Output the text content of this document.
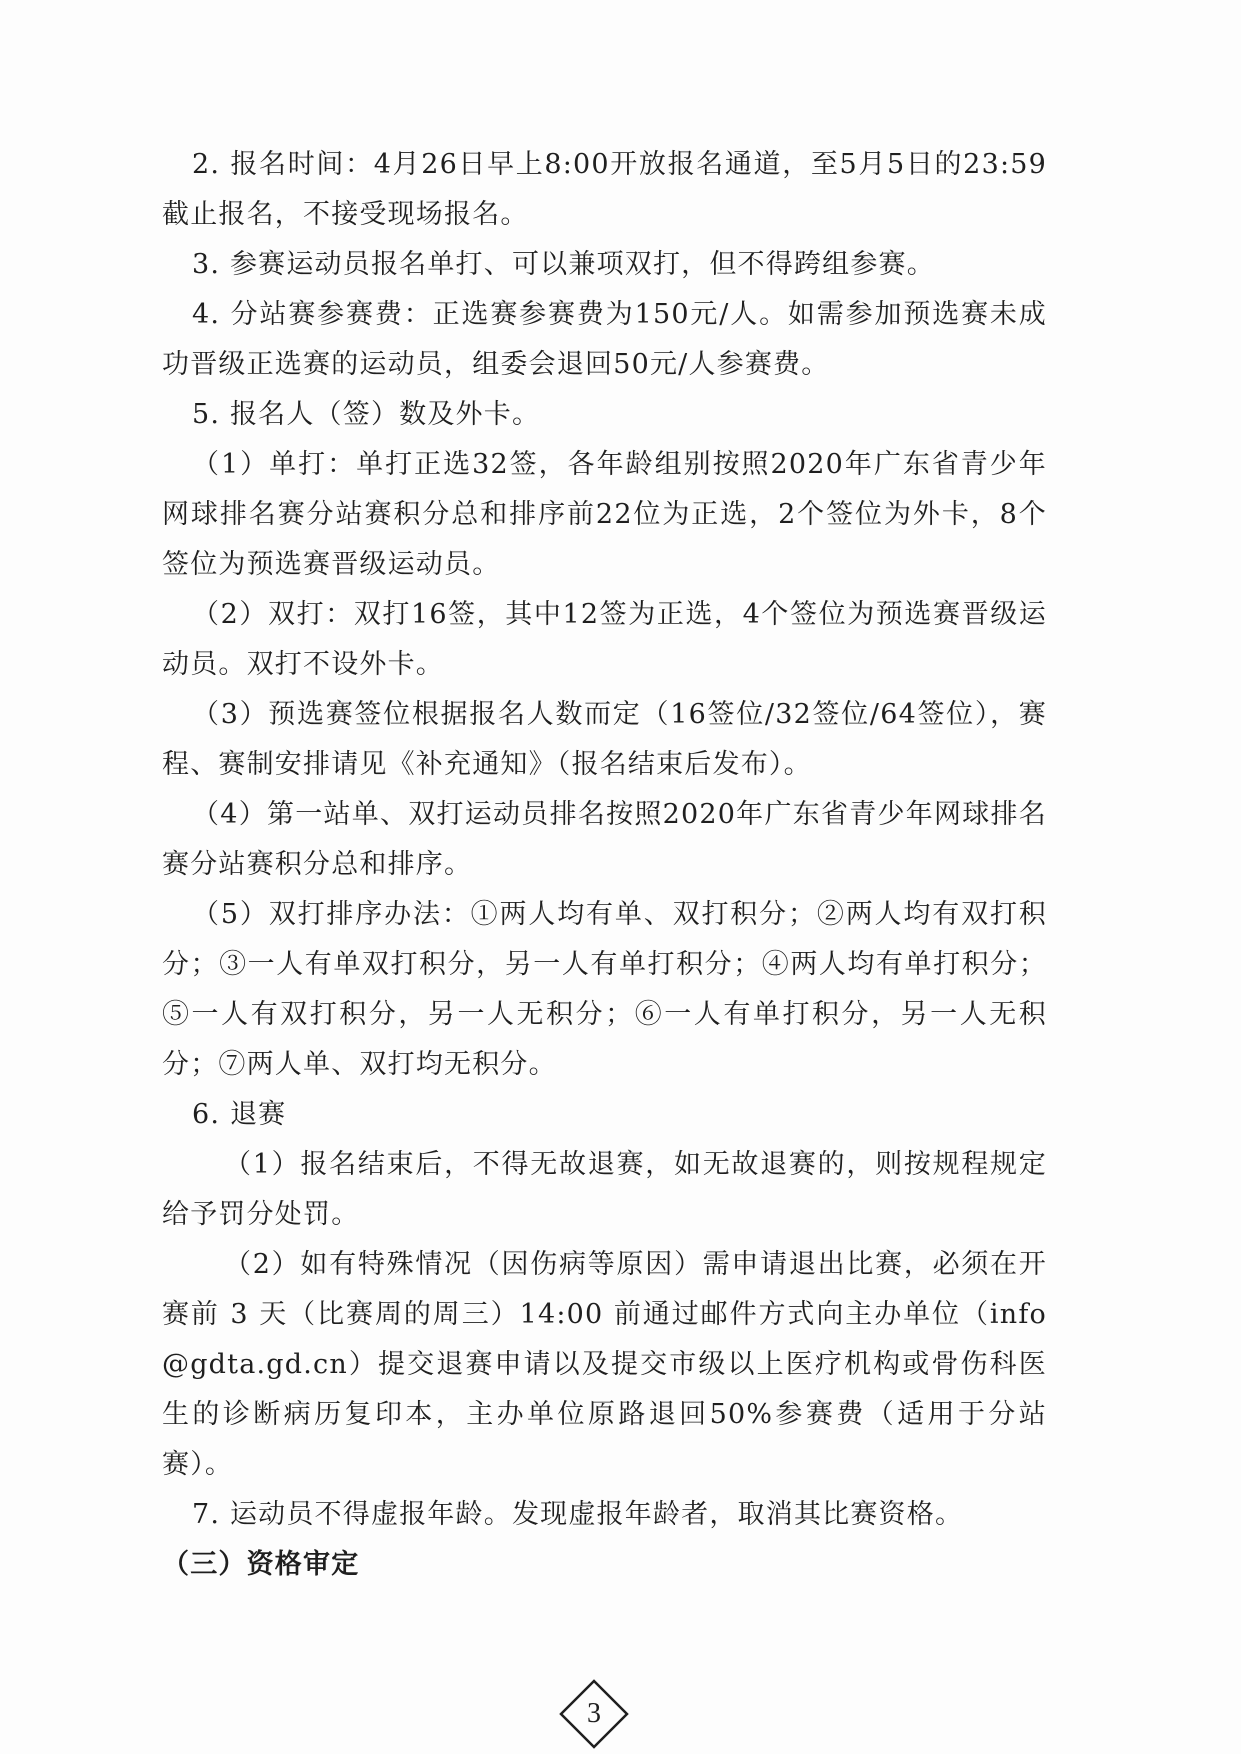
2. 报名时间：4月26日早上8:00开放报名通道，至5月5日的23:59截止报名，不接受现场报名。

3. 参赛运动员报名单打、可以兼项双打，但不得跨组参赛。

4. 分站赛参赛费：正选赛参赛费为150元/人。如需参加预选赛未成功晋级正选赛的运动员，组委会退回50元/人参赛费。

5. 报名人（签）数及外卡。

（1）单打：单打正选32签，各年龄组别按照2020年广东省青少年网球排名赛分站赛积分总和排序前22位为正选，2个签位为外卡，8个签位为预选赛晋级运动员。

（2）双打：双打16签，其中12签为正选，4个签位为预选赛晋级运动员。双打不设外卡。

（3）预选赛签位根据报名人数而定（16签位/32签位/64签位），赛程、赛制安排请见《补充通知》（报名结束后发布）。

（4）第一站单、双打运动员排名按照2020年广东省青少年网球排名赛分站赛积分总和排序。

（5）双打排序办法：①两人均有单、双打积分；②两人均有双打积分；③一人有单双打积分，另一人有单打积分；④两人均有单打积分；⑤一人有双打积分，另一人无积分；⑥一人有单打积分，另一人无积分；⑦两人单、双打均无积分。

6. 退赛

（1）报名结束后，不得无故退赛，如无故退赛的，则按规程规定给予罚分处罚。

（2）如有特殊情况（因伤病等原因）需申请退出比赛，必须在开赛前 3 天（比赛周的周三）14:00 前通过邮件方式向主办单位（info@gdta.gd.cn）提交退赛申请以及提交市级以上医疗机构或骨伤科医生的诊断病历复印本，主办单位原路退回50%参赛费（适用于分站赛）。

7. 运动员不得虚报年龄。发现虚报年龄者，取消其比赛资格。

（三）资格审定

3
